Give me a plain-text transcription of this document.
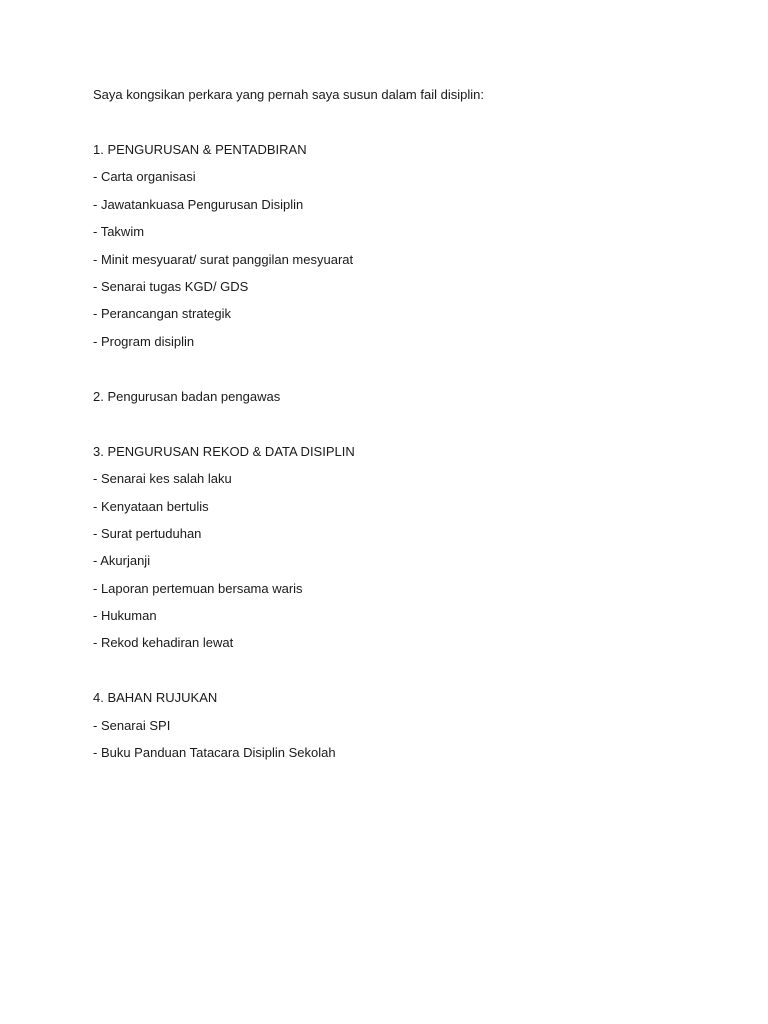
Saya kongsikan perkara yang pernah saya susun dalam fail disiplin:

1. PENGURUSAN & PENTADBIRAN

- Carta organisasi

- Jawatankuasa Pengurusan Disiplin

- Takwim

- Minit mesyuarat/ surat panggilan mesyuarat

- Senarai tugas KGD/ GDS

- Perancangan strategik

- Program disiplin

2. Pengurusan badan pengawas

3. PENGURUSAN REKOD & DATA DISIPLIN

- Senarai kes salah laku

- Kenyataan bertulis

- Surat pertuduhan

- Akurjanji

- Laporan pertemuan bersama waris

- Hukuman

- Rekod kehadiran lewat

4. BAHAN RUJUKAN

- Senarai SPI

- Buku Panduan Tatacara Disiplin Sekolah
